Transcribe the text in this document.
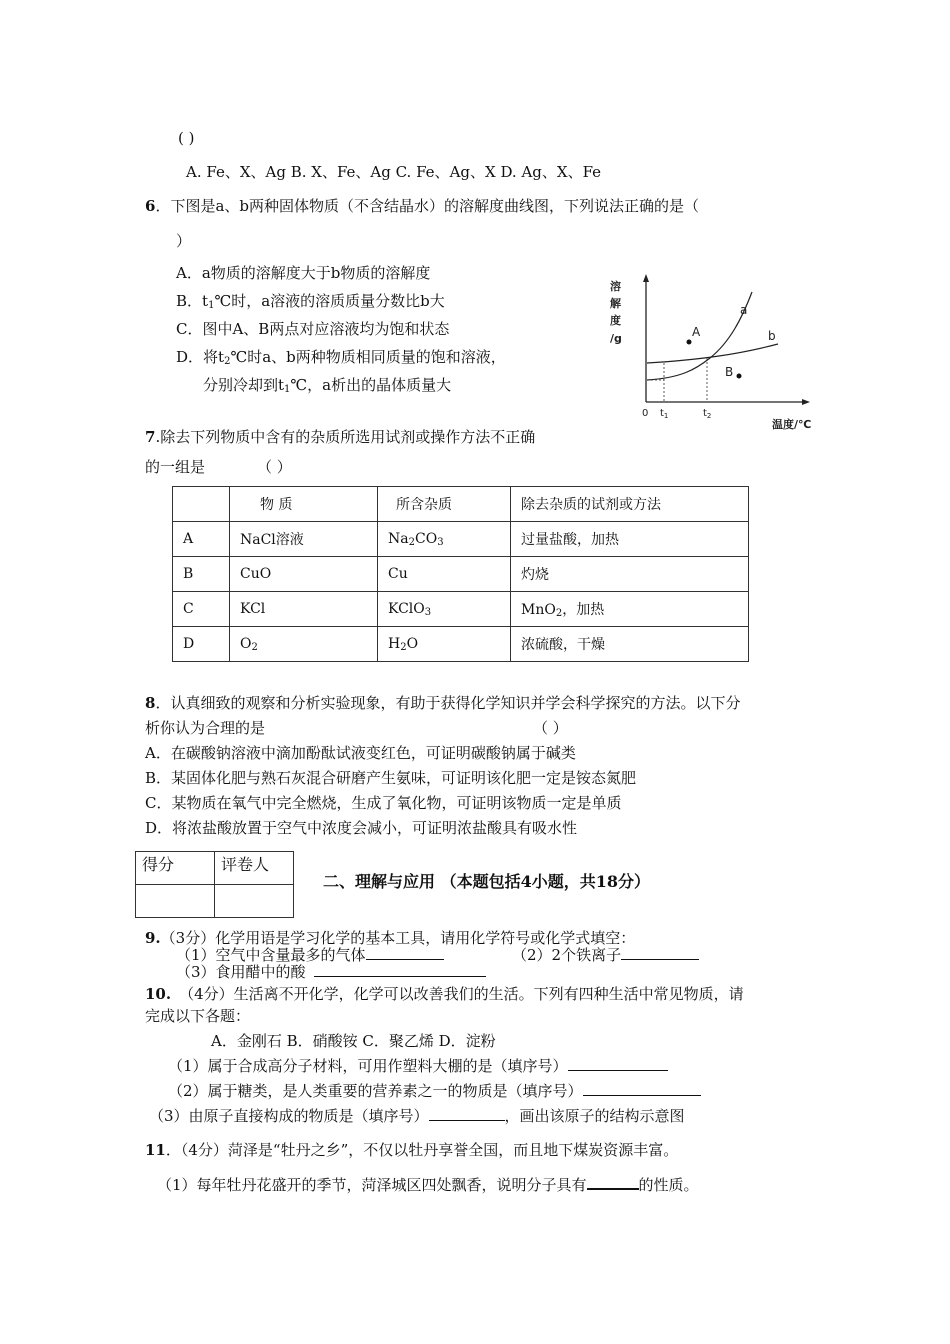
( )
A. Fe、X、Ag B. X、Fe、Ag C. Fe、Ag、X D. Ag、X、Fe
6．下图是a、b两种固体物质（不含结晶水）的溶解度曲线图，下列说法正确的是（
）
A．a物质的溶解度大于b物质的溶解度
B．$t_1℃$时，a溶液的溶质质量分数比b大
C．图中A、B两点对应溶液均为饱和状态
D．将$t_2℃$时a、b两种物质相同质量的饱和溶液，
分别冷却到$t_1℃$，a析出的晶体质量大
溶
解
度
/g	A
B
a
b
0 $t_1$	$t_2$
温度/℃
7.除去下列物质中含有的杂质所选用试剂或操作方法不正确
的一组是	（ ）
	物 质	所含杂质	除去杂质的试剂或方法
A	NaCl溶液	$Na_2CO_3$	过量盐酸，加热
B	CuO	Cu	灼烧
C	KCl	KClO$_3$	MnO$_2$，加热
D	$O_2$	$H_2O$	浓硫酸，干燥
8．认真细致的观察和分析实验现象，有助于获得化学知识并学会科学探究的方法。以下分
析你认为合理的是	（ ）
A．在碳酸钠溶液中滴加酚酞试液变红色，可证明碳酸钠属于碱类
B．某固体化肥与熟石灰混合研磨产生氨味，可证明该化肥一定是铵态氮肥
C．某物质在氧气中完全燃烧，生成了氧化物，可证明该物质一定是单质
D．将浓盐酸放置于空气中浓度会减小，可证明浓盐酸具有吸水性
得分	评卷人

二、理解与应用 （本题包括4小题，共18分）
9.（3分）化学用语是学习化学的基本工具，请用化学符号或化学式填空：
（1）空气中含量最多的气体	（2）2个铁离子
（3）食用醋中的酸
10. （4分）生活离不开化学，化学可以改善我们的生活。下列有四种生活中常见物质，请
完成以下各题：
A．金刚石 B．硝酸铵 C．聚乙烯 D．淀粉
（1）属于合成高分子材料，可用作塑料大棚的是（填序号）
（2）属于糖类，是人类重要的营养素之一的物质是（填序号）
（3）由原子直接构成的物质是（填序号）	，画出该原子的结构示意图
11．（4分）菏泽是“牡丹之乡”，不仅以牡丹享誉全国，而且地下煤炭资源丰富。
（1）每年牡丹花盛开的季节，菏泽城区四处飘香，说明分子具有	的性质。
